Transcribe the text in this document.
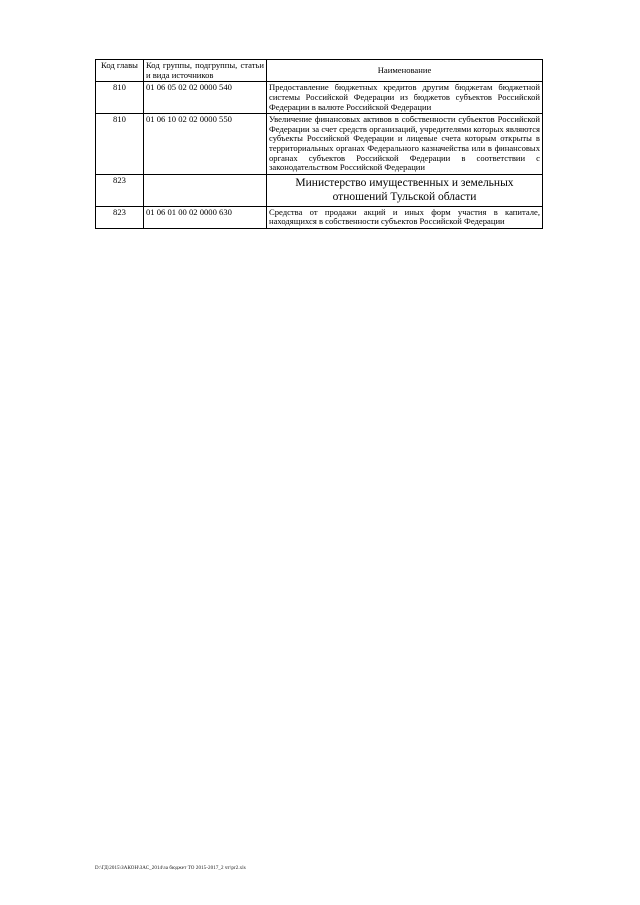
Код главы	Код группы, подгруппы, статьи и вида источников	Наименование
810	01 06 05 02 02 0000 540	Предоставление бюджетных кредитов другим бюджетам бюджетной системы Российской Федерации из бюджетов субъектов Российской Федерации в валюте Российской Федерации
810	01 06 10 02 02 0000 550	Увеличение финансовых активов в собственности субъектов Российской Федерации за счет средств организаций, учредителями которых являются субъекты Российской Федерации и лицевые счета которым открыты в территориальных органах Федерального казначейства или в финансовых органах субъектов Российской Федерации в соответствии с законодательством Российской Федерации
823		Министерство имущественных и земельных отношений Тульской области
823	01 06 01 00 02 0000 630	Средства от продажи акций и иных форм участия в капитале, находящихся в собственности субъектов Российской Федерации
D:\ГД\2015\ЗАКОН\ЗАС_2014\за бюджет ТО 2015-2017_2 чт\pr2.xls
